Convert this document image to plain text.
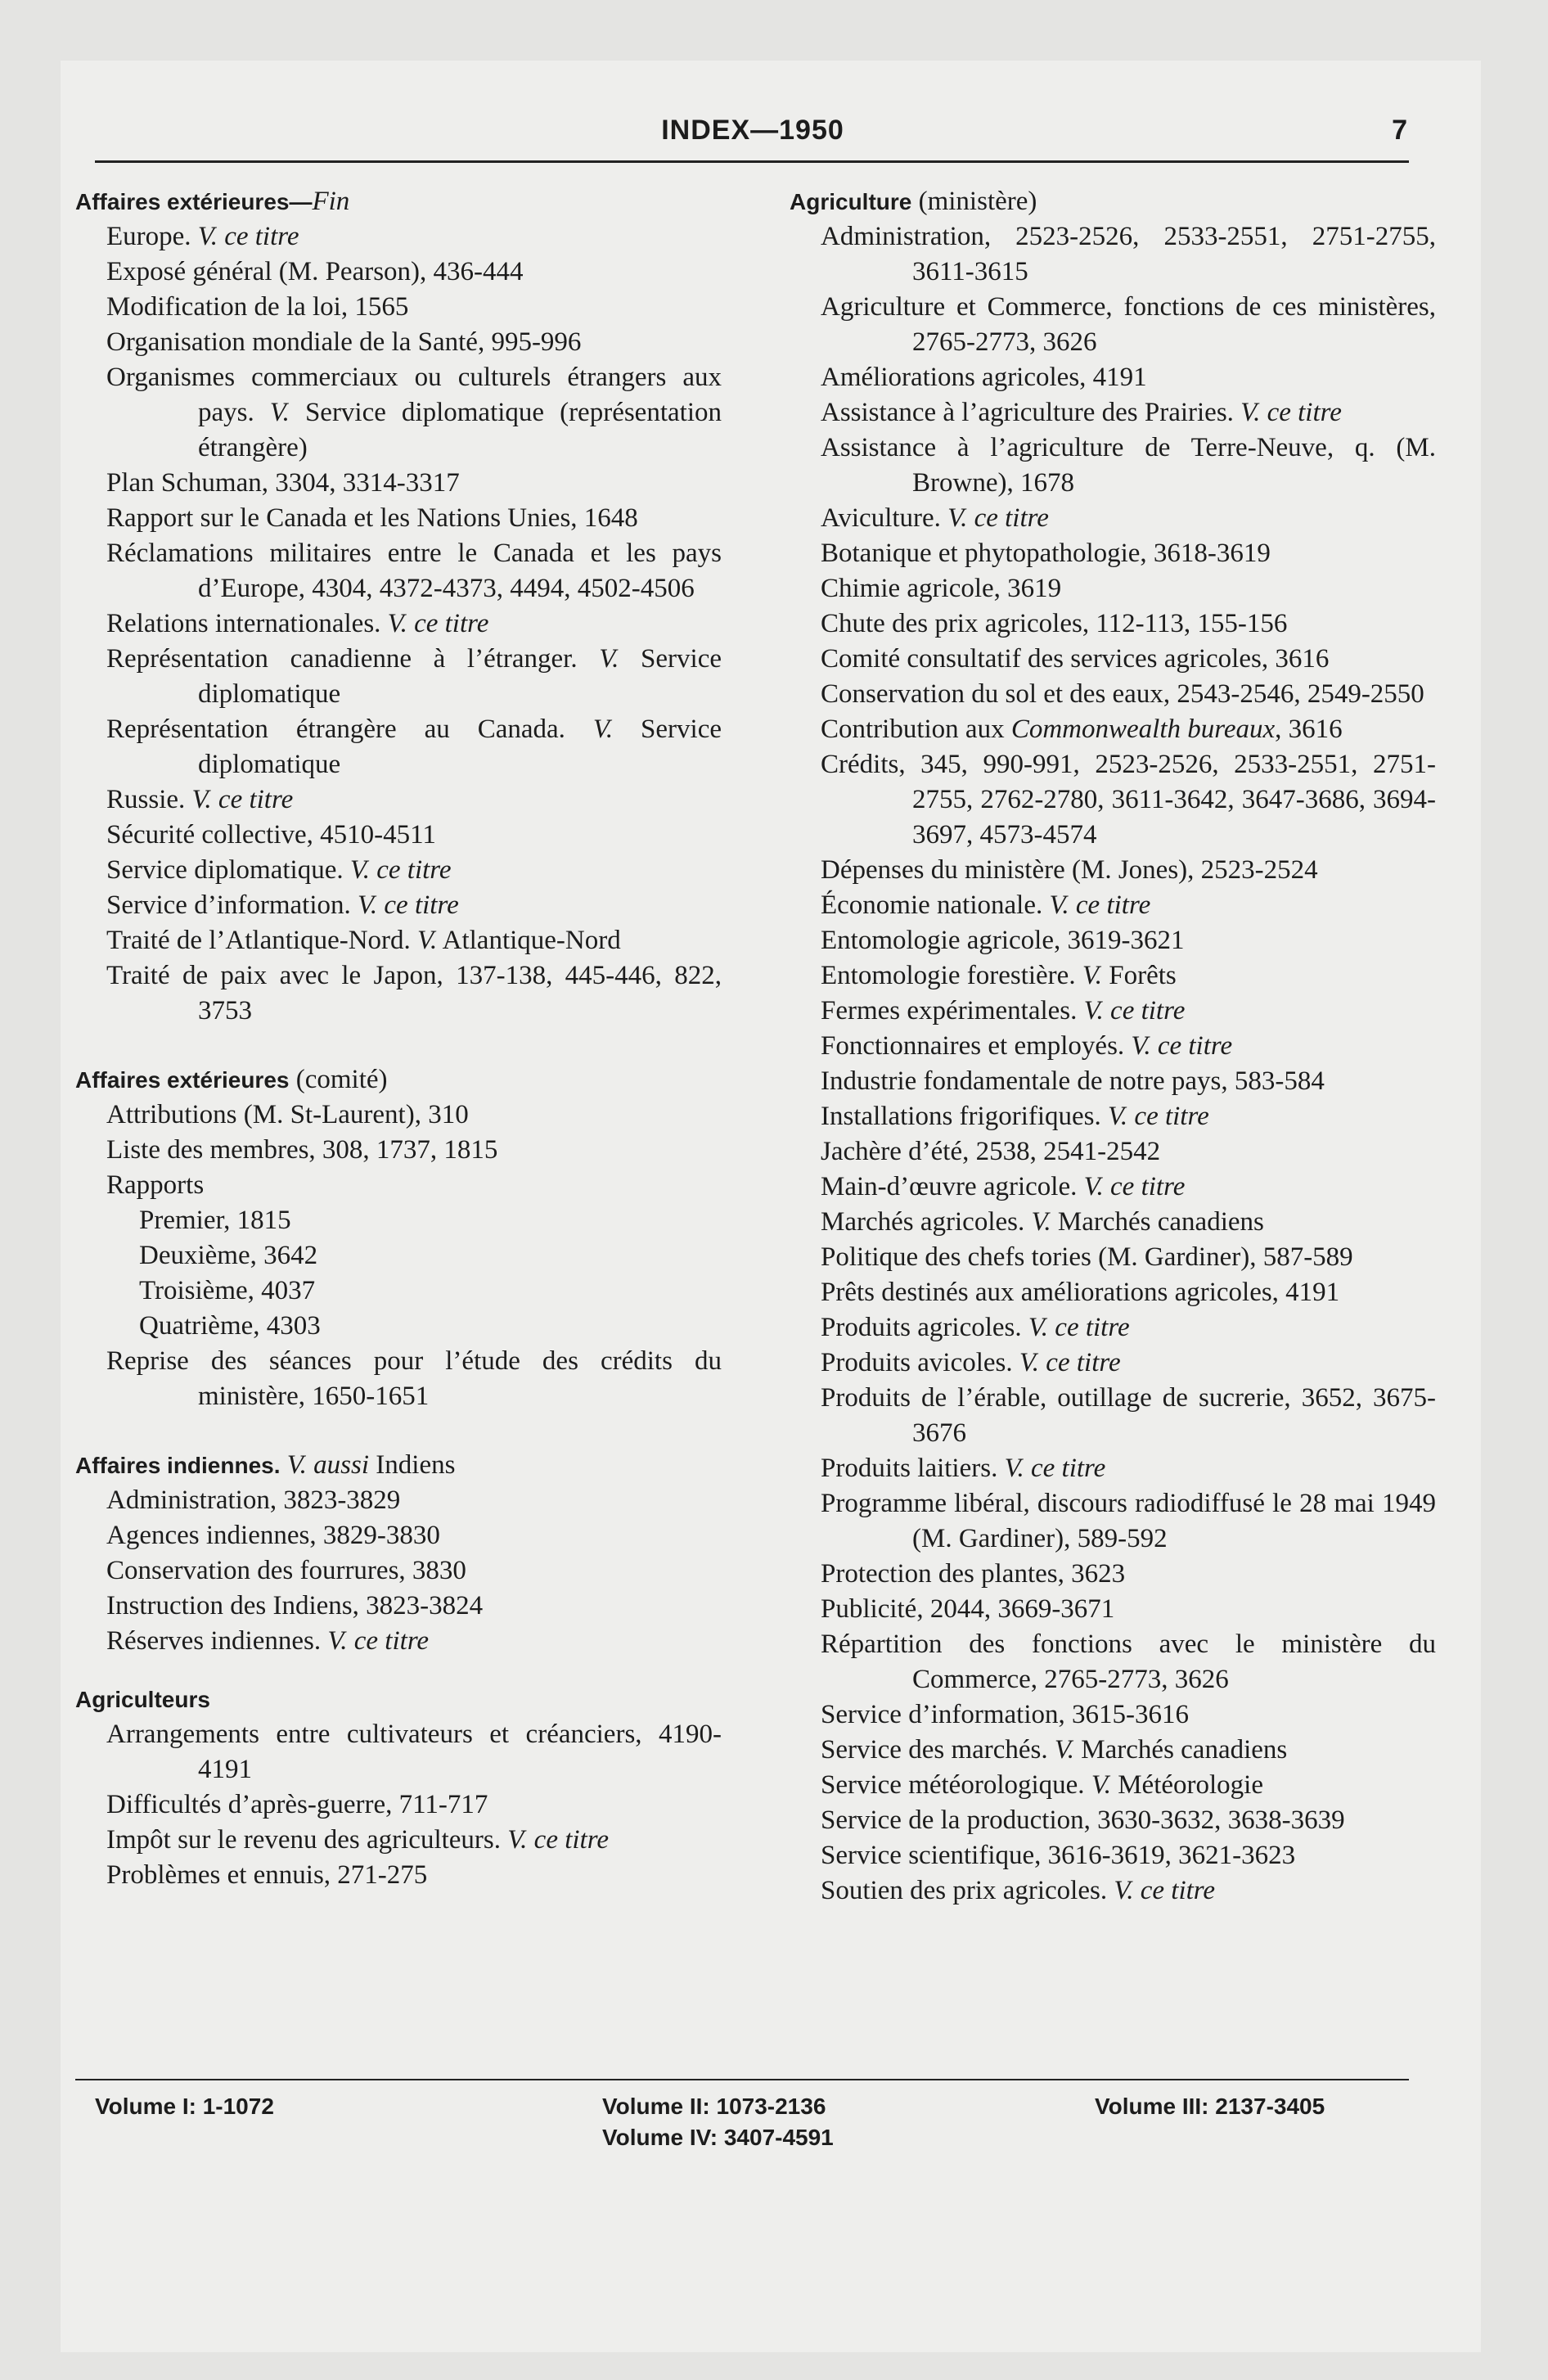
INDEX—1950	7
Affaires extérieures—Fin
Europe. V. ce titre
Exposé général (M. Pearson), 436-444
Modification de la loi, 1565
Organisation mondiale de la Santé, 995-996
Organismes commerciaux ou culturels étrangers aux pays. V. Service diplomatique (représentation étrangère)
Plan Schuman, 3304, 3314-3317
Rapport sur le Canada et les Nations Unies, 1648
Réclamations militaires entre le Canada et les pays d’Europe, 4304, 4372-4373, 4494, 4502-4506
Relations internationales. V. ce titre
Représentation canadienne à l’étranger. V. Service diplomatique
Représentation étrangère au Canada. V. Service diplomatique
Russie. V. ce titre
Sécurité collective, 4510-4511
Service diplomatique. V. ce titre
Service d’information. V. ce titre
Traité de l’Atlantique-Nord. V. Atlantique-Nord
Traité de paix avec le Japon, 137-138, 445-446, 822, 3753
Affaires extérieures (comité)
Attributions (M. St-Laurent), 310
Liste des membres, 308, 1737, 1815
Rapports
Premier, 1815
Deuxième, 3642
Troisième, 4037
Quatrième, 4303
Reprise des séances pour l’étude des crédits du ministère, 1650-1651
Affaires indiennes. V. aussi Indiens
Administration, 3823-3829
Agences indiennes, 3829-3830
Conservation des fourrures, 3830
Instruction des Indiens, 3823-3824
Réserves indiennes. V. ce titre
Agriculteurs
Arrangements entre cultivateurs et créanciers, 4190-4191
Difficultés d’après-guerre, 711-717
Impôt sur le revenu des agriculteurs. V. ce titre
Problèmes et ennuis, 271-275
Agriculture (ministère)
Administration, 2523-2526, 2533-2551, 2751-2755, 3611-3615
Agriculture et Commerce, fonctions de ces ministères, 2765-2773, 3626
Améliorations agricoles, 4191
Assistance à l’agriculture des Prairies. V. ce titre
Assistance à l’agriculture de Terre-Neuve, q. (M. Browne), 1678
Aviculture. V. ce titre
Botanique et phytopathologie, 3618-3619
Chimie agricole, 3619
Chute des prix agricoles, 112-113, 155-156
Comité consultatif des services agricoles, 3616
Conservation du sol et des eaux, 2543-2546, 2549-2550
Contribution aux Commonwealth bureaux, 3616
Crédits, 345, 990-991, 2523-2526, 2533-2551, 2751-2755, 2762-2780, 3611-3642, 3647-3686, 3694-3697, 4573-4574
Dépenses du ministère (M. Jones), 2523-2524
Économie nationale. V. ce titre
Entomologie agricole, 3619-3621
Entomologie forestière. V. Forêts
Fermes expérimentales. V. ce titre
Fonctionnaires et employés. V. ce titre
Industrie fondamentale de notre pays, 583-584
Installations frigorifiques. V. ce titre
Jachère d’été, 2538, 2541-2542
Main-d’œuvre agricole. V. ce titre
Marchés agricoles. V. Marchés canadiens
Politique des chefs tories (M. Gardiner), 587-589
Prêts destinés aux améliorations agricoles, 4191
Produits agricoles. V. ce titre
Produits avicoles. V. ce titre
Produits de l’érable, outillage de sucrerie, 3652, 3675-3676
Produits laitiers. V. ce titre
Programme libéral, discours radiodiffusé le 28 mai 1949 (M. Gardiner), 589-592
Protection des plantes, 3623
Publicité, 2044, 3669-3671
Répartition des fonctions avec le ministère du Commerce, 2765-2773, 3626
Service d’information, 3615-3616
Service des marchés. V. Marchés canadiens
Service météorologique. V. Météorologie
Service de la production, 3630-3632, 3638-3639
Service scientifique, 3616-3619, 3621-3623
Soutien des prix agricoles. V. ce titre
Volume I: 1-1072	Volume II: 1073-2136
Volume IV: 3407-4591
Volume III: 2137-3405
